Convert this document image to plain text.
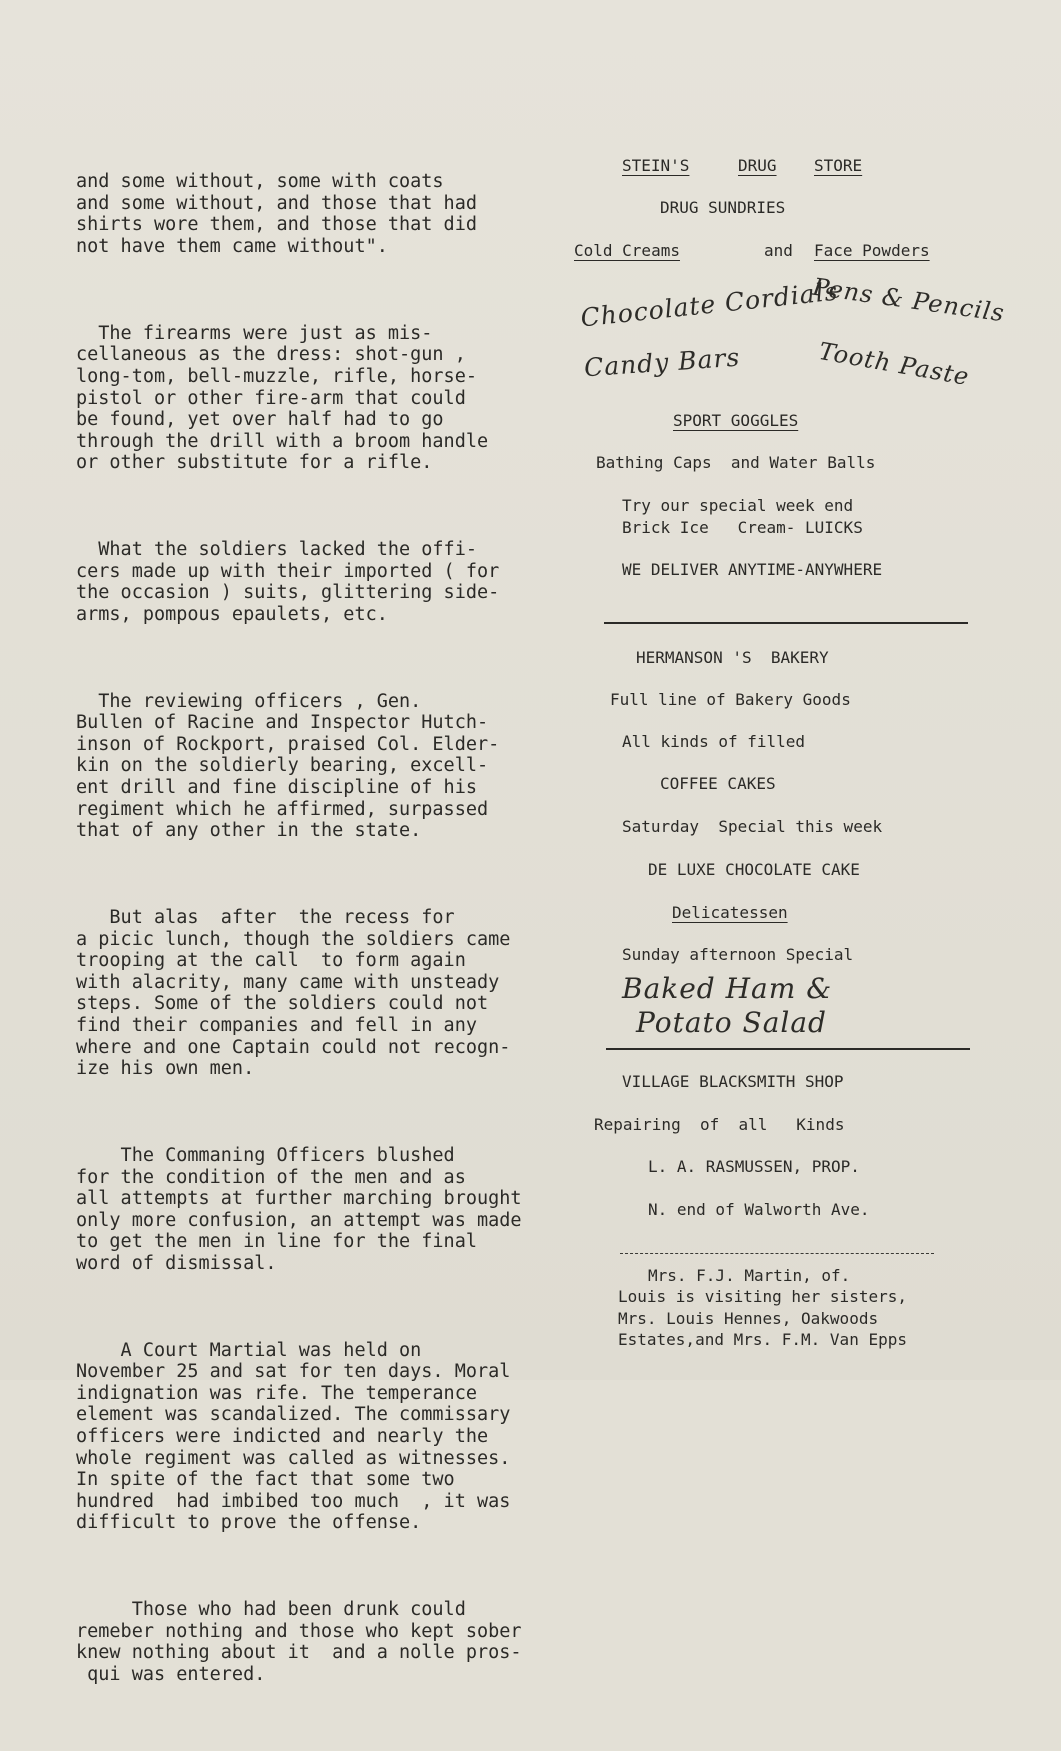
and some without, some with coats
and some without, and those that had
shirts wore them, and those that did
not have them came without".

The firearms were just as mis-
cellaneous as the dress: shot-gun ,
long-tom, bell-muzzle, rifle, horse-
pistol or other fire-arm that could
be found, yet over half had to go
through the drill with a broom handle
or other substitute for a rifle.

What the soldiers lacked the offi-
cers made up with their imported ( for
the occasion ) suits, glittering side-
arms, pompous epaulets, etc.

The reviewing officers , Gen.
Bullen of Racine and Inspector Hutch-
inson of Rockport, praised Col. Elder-
kin on the soldierly bearing, excell-
ent drill and fine discipline of his
regiment which he affirmed, surpassed
that of any other in the state.

But alas  after  the recess for
a picic lunch, though the soldiers came
trooping at the call  to form again
with alacrity, many came with unsteady
steps. Some of the soldiers could not
find their companies and fell in any
where and one Captain could not recogn-
ize his own men.

The Commaning Officers blushed
for the condition of the men and as
all attempts at further marching brought
only more confusion, an attempt was made
to get the men in line for the final
word of dismissal.

A Court Martial was held on
November 25 and sat for ten days. Moral
indignation was rife. The temperance
element was scandalized. The commissary
officers were indicted and nearly the
whole regiment was called as witnesses.
In spite of the fact that some two
hundred  had imbibed too much  , it was
difficult to prove the offense.

Those who had been drunk could
remeber nothing and those who kept sober
knew nothing about it  and a nolle pros-
qui was entered.

STEIN'S	DRUG STORE
DRUG SUNDRIES
Cold Creams	and Face Powders
Chocolate Cordials
Candy Bars
Pens & Pencils
Tooth Paste
SPORT GOGGLES
Bathing Caps  and Water Balls
Try our special week end
Brick Ice   Cream- LUICKS
WE DELIVER ANYTIME-ANYWHERE
HERMANSON 'S  BAKERY
Full line of Bakery Goods
All kinds of filled
COFFEE CAKES
Saturday  Special this week
DE LUXE CHOCOLATE CAKE
Delicatessen
Sunday afternoon Special
Baked Ham &
Potato Salad
VILLAGE BLACKSMITH SHOP
Repairing  of  all   Kinds
L. A. RASMUSSEN, PROP.
N. end of Walworth Ave.
Mrs. F.J. Martin, of.
Louis is visiting her sisters,
Mrs. Louis Hennes, Oakwoods
Estates,and Mrs. F.M. Van Epps
